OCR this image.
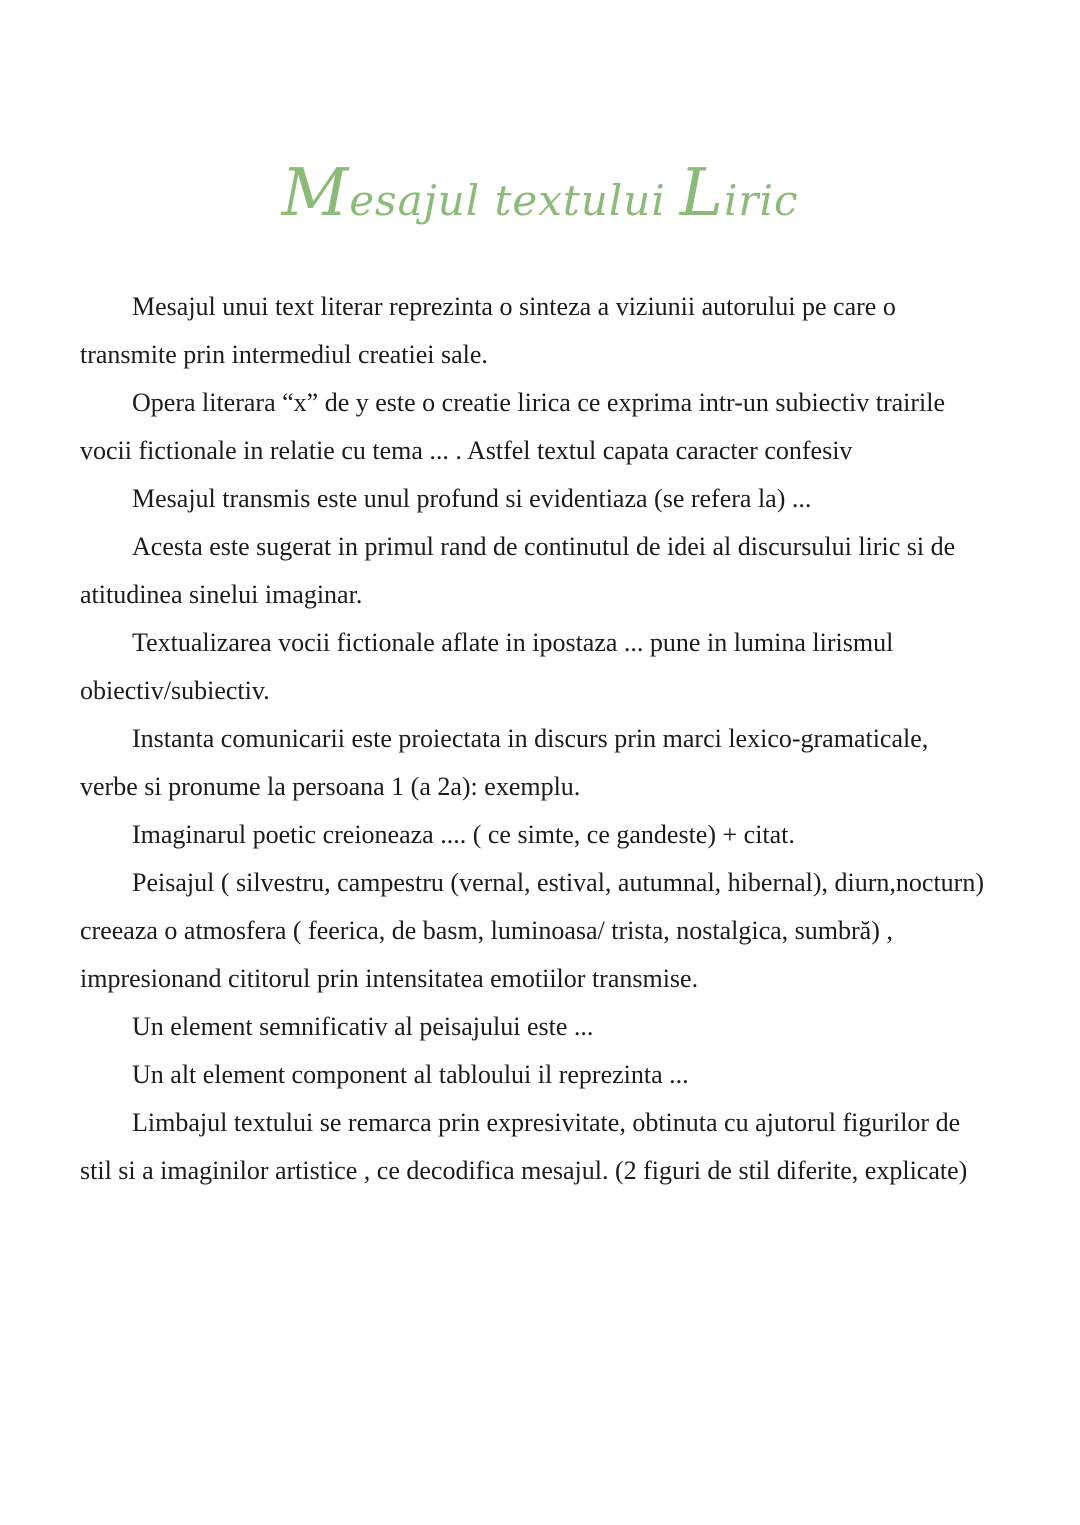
Mesajul textului Liric

Mesajul unui text literar reprezinta o sinteza a viziunii autorului pe care o transmite prin intermediul creatiei sale.

Opera literara “x” de y este o creatie lirica ce exprima intr-un subiectiv trairile vocii fictionale in relatie cu tema ... . Astfel textul capata caracter confesiv

Mesajul transmis este unul profund si evidentiaza (se refera la) ...

Acesta este sugerat in primul rand de continutul de idei al discursului liric si de atitudinea sinelui imaginar.

Textualizarea vocii fictionale aflate in ipostaza ... pune in lumina lirismul obiectiv/subiectiv.

Instanta comunicarii este proiectata in discurs prin marci lexico-gramaticale, verbe si pronume la persoana 1 (a 2a): exemplu.

Imaginarul poetic creioneaza .... ( ce simte, ce gandeste) + citat.

Peisajul ( silvestru, campestru (vernal, estival, autumnal, hibernal), diurn,nocturn) creeaza o atmosfera ( feerica, de basm, luminoasa/ trista, nostalgica, sumbră) , impresionand cititorul prin intensitatea emotiilor transmise.

Un element semnificativ al peisajului este ...

Un alt element component al tabloului il reprezinta ...

Limbajul textului se remarca prin expresivitate, obtinuta cu ajutorul figurilor de stil si a imaginilor artistice , ce decodifica mesajul. (2 figuri de stil diferite, explicate)
